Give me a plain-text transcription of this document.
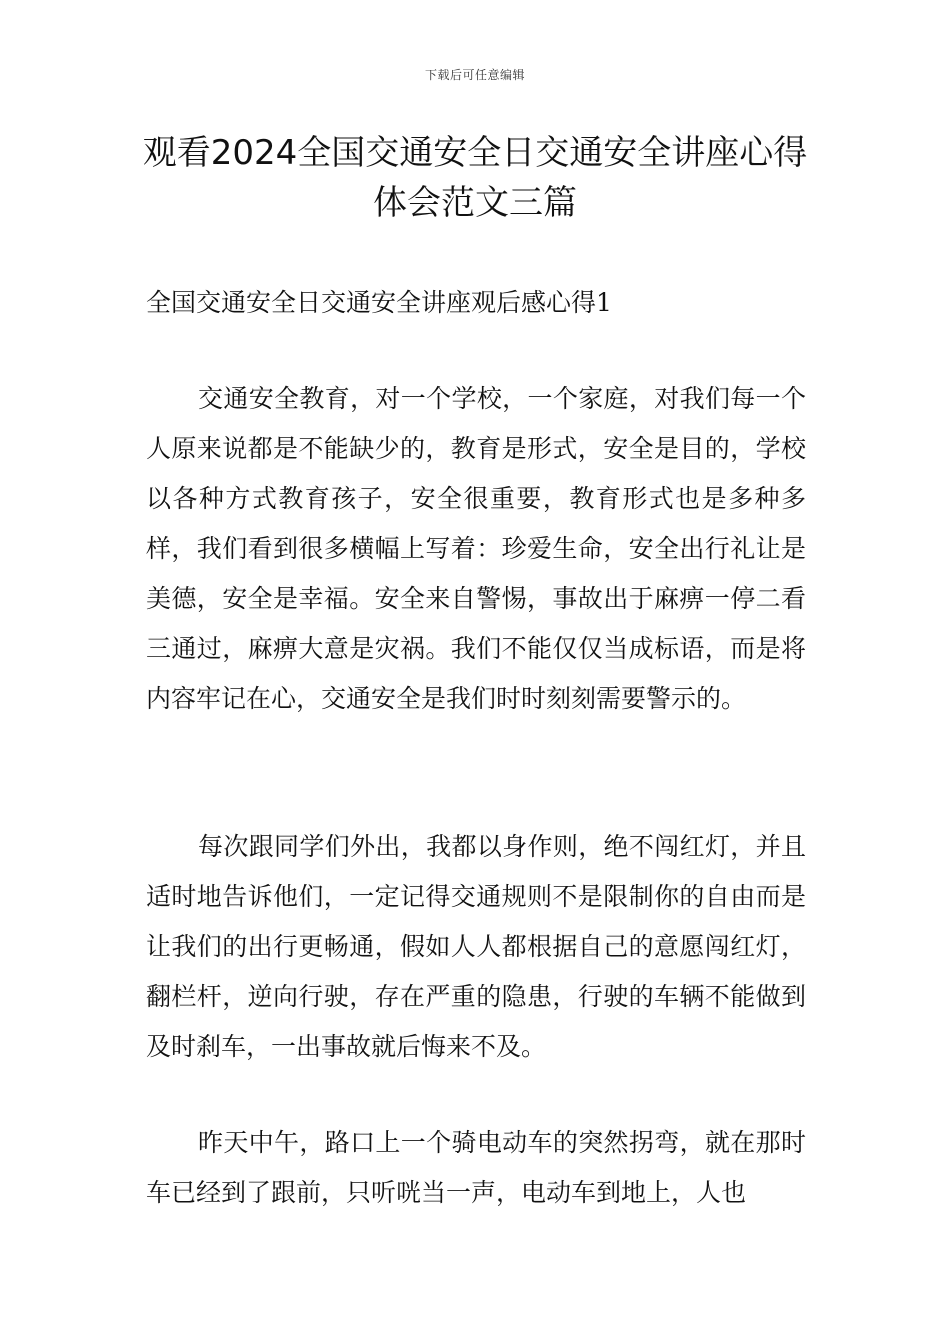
下载后可任意编辑
观看2024全国交通安全日交通安全讲座心得体会范文三篇
全国交通安全日交通安全讲座观后感心得1

交通安全教育，对一个学校，一个家庭，对我们每一个人原来说都是不能缺少的，教育是形式，安全是目的，学校以各种方式教育孩子，安全很重要，教育形式也是多种多样，我们看到很多横幅上写着：珍爱生命，安全出行礼让是美德，安全是幸福。安全来自警惕，事故出于麻痹一停二看三通过，麻痹大意是灾祸。我们不能仅仅当成标语，而是将内容牢记在心，交通安全是我们时时刻刻需要警示的。

每次跟同学们外出，我都以身作则，绝不闯红灯，并且适时地告诉他们，一定记得交通规则不是限制你的自由而是让我们的出行更畅通，假如人人都根据自己的意愿闯红灯，翻栏杆，逆向行驶，存在严重的隐患，行驶的车辆不能做到及时刹车，一出事故就后悔来不及。

昨天中午，路口上一个骑电动车的突然拐弯，就在那时车已经到了跟前，只听咣当一声，电动车到地上，人也
